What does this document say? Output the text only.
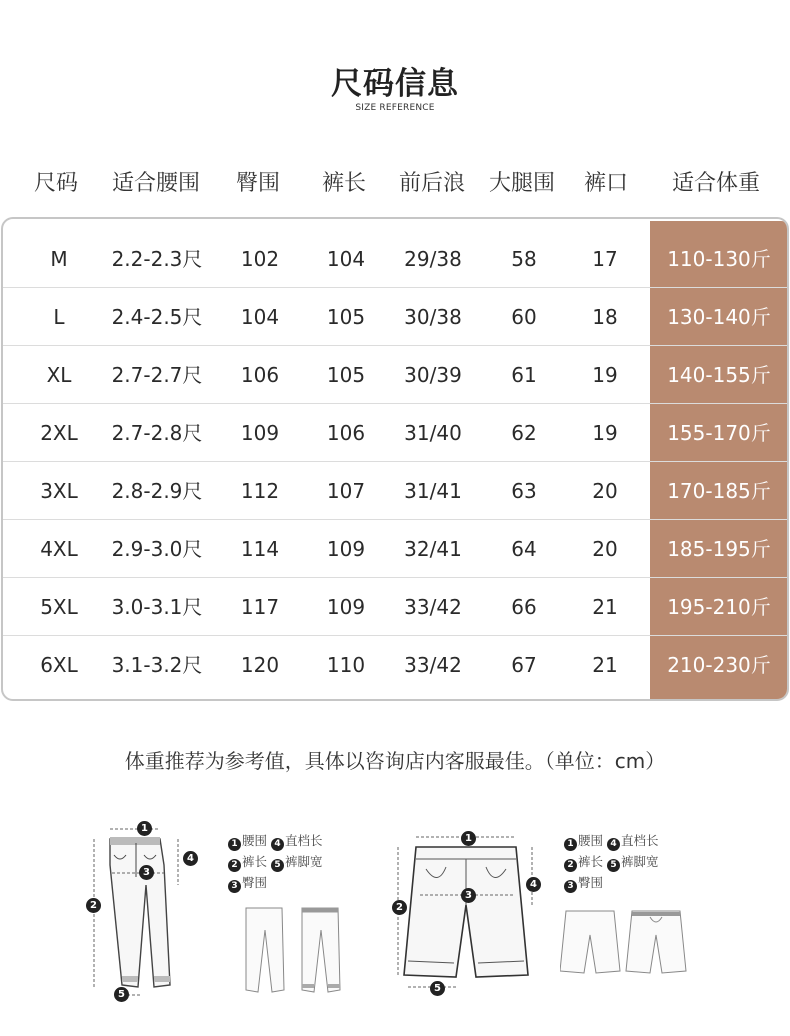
尺码信息
SIZE REFERENCE
尺码	适合腰围	臀围	裤长	前后浪	大腿围	裤口	适合体重
M	2.2-2.3尺	102	104	29/38	58	17	110-130斤
L	2.4-2.5尺	104	105	30/38	60	18	130-140斤
XL	2.7-2.7尺	106	105	30/39	61	19	140-155斤
2XL	2.7-2.8尺	109	106	31/40	62	19	155-170斤
3XL	2.8-2.9尺	112	107	31/41	63	20	170-185斤
4XL	2.9-3.0尺	114	109	32/41	64	20	185-195斤
5XL	3.0-3.1尺	117	109	33/42	66	21	195-210斤
6XL	3.1-3.2尺	120	110	33/42	67	21	210-230斤
体重推荐为参考值，具体以咨询店内客服最佳。（单位：cm）
1
2
3
4
5
1 腰围 4 直档长
2 裤长 5 裤脚宽
3 臀围
1
2
3
4
5
1 腰围 4 直档长
2 裤长 5 裤脚宽
3 臀围
